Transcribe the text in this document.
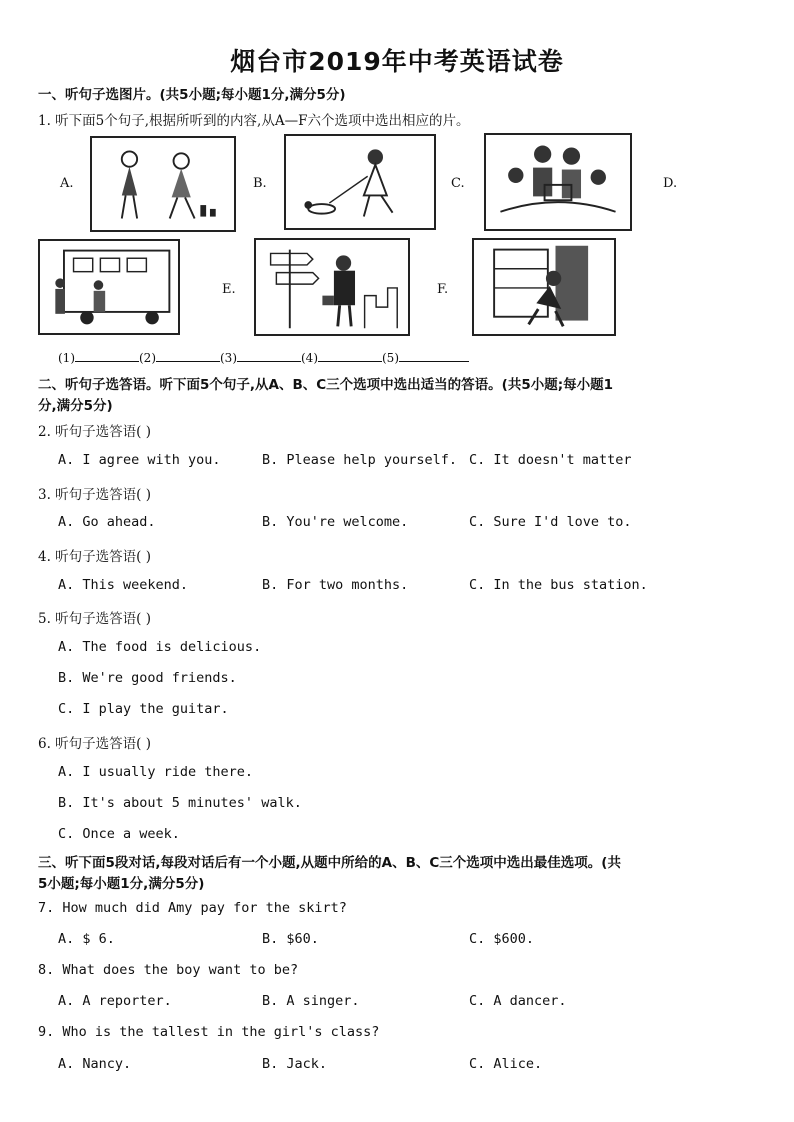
烟台市2019年中考英语试卷
一、听句子选图片。(共5小题;每小题1分,满分5分)
1. 听下面5个句子,根据所听到的内容,从A—F六个选项中选出相应的片。
A.	B.	C.	D.
E.	F.
(1)	(2)	(3)	(4)	(5)
二、听句子选答语。听下面5个句子,从A、B、C三个选项中选出适当的答语。(共5小题;每小题1
分,满分5分)
2. 听句子选答语( )
A. I agree with you.	B. Please help yourself. C. It doesn't matter
3. 听句子选答语( )
A. Go ahead.	B. You're welcome.	C. Sure I'd love to.
4. 听句子选答语( )
A. This weekend.	B. For two months.	C. In the bus station.
5. 听句子选答语( )
A. The food is delicious.
B. We're good friends.
C. I play the guitar.
6. 听句子选答语( )
A. I usually ride there.
B. It's about 5 minutes' walk.
C. Once a week.
三、听下面5段对话,每段对话后有一个小题,从题中所给的A、B、C三个选项中选出最佳选项。(共
5小题;每小题1分,满分5分)
7. How much did Amy pay for the skirt?
A. $ 6.	B. $60.	C. $600.
8. What does the boy want to be?
A. A reporter.	B. A singer.	C. A dancer.
9. Who is the tallest in the girl's class?
A. Nancy.	B. Jack.	C. Alice.
